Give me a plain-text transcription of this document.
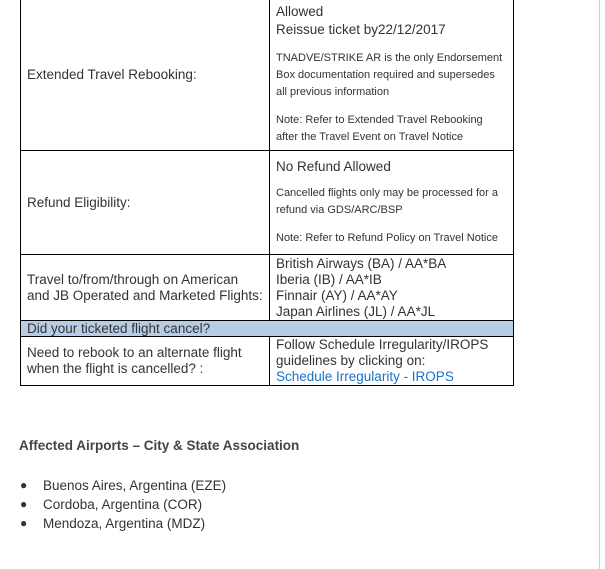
Extended Travel Rebooking:	Allowed
Reissue ticket by22/12/2017
TNADVE/STRIKE AR is the only Endorsement Box documentation required and supersedes all previous information
Note: Refer to Extended Travel Rebooking after the Travel Event on Travel Notice

Refund Eligibility:	No Refund Allowed
Cancelled flights only may be processed for a refund via GDS/ARC/BSP
Note: Refer to Refund Policy on Travel Notice

Travel to/from/through on American and JB Operated and Marketed Flights:	British Airways (BA) / AA*BA
Iberia (IB) / AA*IB
Finnair (AY) / AA*AY
Japan Airlines (JL) / AA*JL

Did your ticketed flight cancel?	
Need to rebook to an alternate flight when the flight is cancelled? :	Follow Schedule Irregularity/IROPS guidelines by clicking on:
Schedule Irregularity - IROPS
Affected Airports – City & State Association
● Buenos Aires, Argentina (EZE)
● Cordoba, Argentina (COR)
● Mendoza, Argentina (MDZ)
